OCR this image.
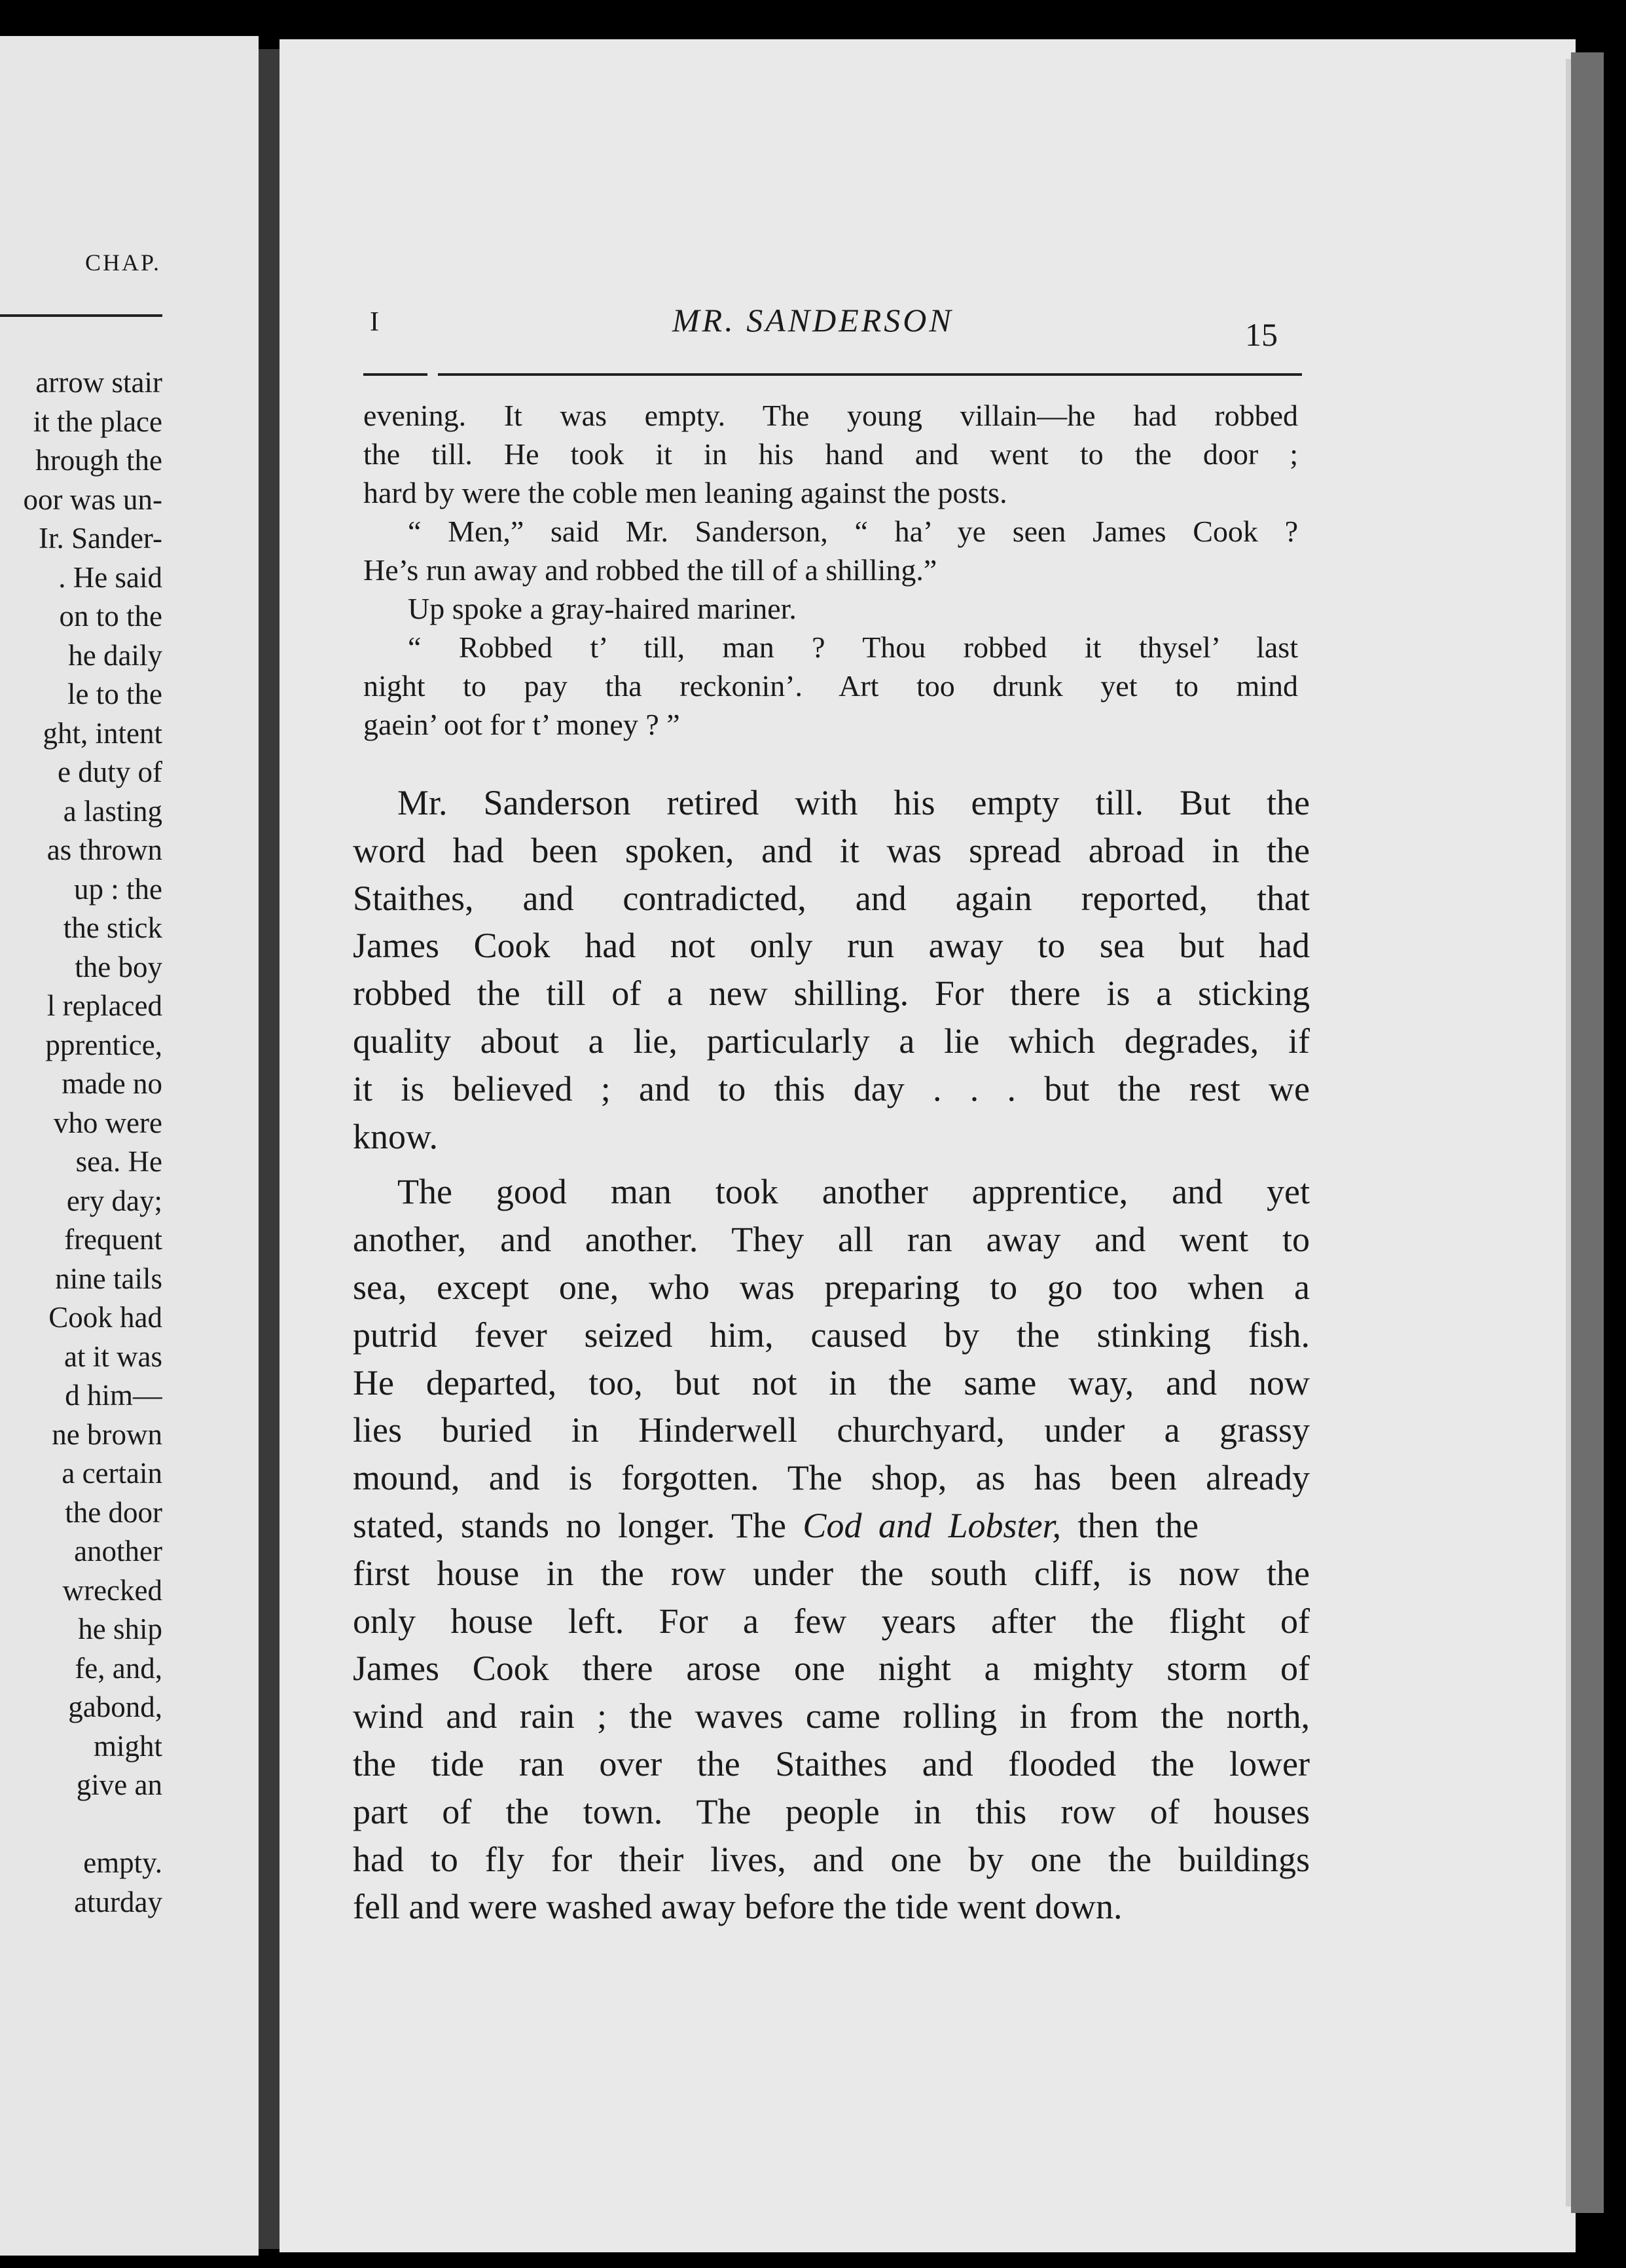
CHAP.
arrow stair
it the place
hrough the
oor was un-
Ir. Sander-
. He said
on to the
he daily
le to the
ght, intent
e duty of
a lasting
as thrown
up : the
the stick
the boy
l replaced
pprentice,
made no
vho were
sea. He
ery day;
frequent
nine tails
Cook had
at it was
d him—
ne brown
a certain
the door
another
wrecked
he ship
fe, and,
gabond,
might
give an
empty.
aturday
I	MR. SANDERSON	15
evening. It was empty. The young villain—he had robbed
the till. He took it in his hand and went to the door ;
hard by were the coble men leaning against the posts.
“ Men,” said Mr. Sanderson, “ ha’ ye seen James Cook ?
He’s run away and robbed the till of a shilling.”
Up spoke a gray-haired mariner.
“ Robbed t’ till, man ? Thou robbed it thysel’ last
night to pay tha reckonin’. Art too drunk yet to mind
gaein’ oot for t’ money ? ”
Mr. Sanderson retired with his empty till. But the
word had been spoken, and it was spread abroad in the
Staithes, and contradicted, and again reported, that
James Cook had not only run away to sea but had
robbed the till of a new shilling. For there is a sticking
quality about a lie, particularly a lie which degrades, if
it is believed ; and to this day . . . but the rest we
know.
The good man took another apprentice, and yet
another, and another. They all ran away and went to
sea, except one, who was preparing to go too when a
putrid fever seized him, caused by the stinking fish.
He departed, too, but not in the same way, and now
lies buried in Hinderwell churchyard, under a grassy
mound, and is forgotten. The shop, as has been already
stated, stands no longer. The Cod and Lobster, then the
first house in the row under the south cliff, is now the
only house left. For a few years after the flight of
James Cook there arose one night a mighty storm of
wind and rain ; the waves came rolling in from the north,
the tide ran over the Staithes and flooded the lower
part of the town. The people in this row of houses
had to fly for their lives, and one by one the buildings
fell and were washed away before the tide went down.
